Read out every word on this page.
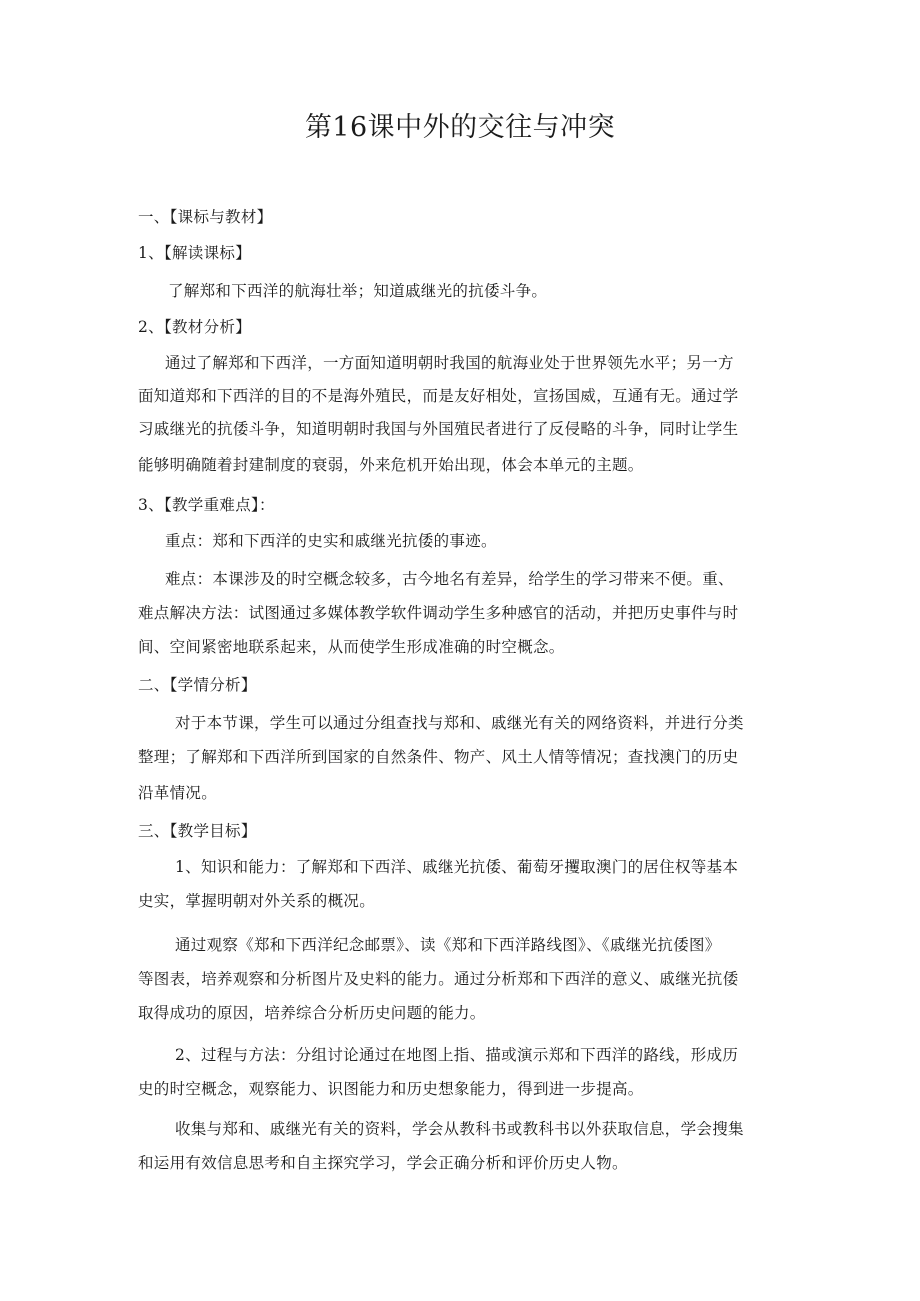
第16课中外的交往与冲突
一、【课标与教材】
1、【解读课标】
了解郑和下西洋的航海壮举；知道戚继光的抗倭斗争。
2、【教材分析】
通过了解郑和下西洋，一方面知道明朝时我国的航海业处于世界领先水平；另一方
面知道郑和下西洋的目的不是海外殖民，而是友好相处，宣扬国威，互通有无。通过学
习戚继光的抗倭斗争，知道明朝时我国与外国殖民者进行了反侵略的斗争，同时让学生
能够明确随着封建制度的衰弱，外来危机开始出现，体会本单元的主题。
3、【教学重难点】：
重点：郑和下西洋的史实和戚继光抗倭的事迹。
难点：本课涉及的时空概念较多，古今地名有差异，给学生的学习带来不便。重、
难点解决方法：试图通过多媒体教学软件调动学生多种感官的活动，并把历史事件与时
间、空间紧密地联系起来，从而使学生形成准确的时空概念。
二、【学情分析】
对于本节课，学生可以通过分组查找与郑和、戚继光有关的网络资料，并进行分类
整理；了解郑和下西洋所到国家的自然条件、物产、风土人情等情况；查找澳门的历史
沿革情况。
三、【教学目标】
1、知识和能力：了解郑和下西洋、戚继光抗倭、葡萄牙攫取澳门的居住权等基本
史实，掌握明朝对外关系的概况。
通过观察《郑和下西洋纪念邮票》、读《郑和下西洋路线图》、《戚继光抗倭图》
等图表，培养观察和分析图片及史料的能力。通过分析郑和下西洋的意义、戚继光抗倭
取得成功的原因，培养综合分析历史问题的能力。
2、过程与方法：分组讨论通过在地图上指、描或演示郑和下西洋的路线，形成历
史的时空概念，观察能力、识图能力和历史想象能力，得到进一步提高。
收集与郑和、戚继光有关的资料，学会从教科书或教科书以外获取信息，学会搜集
和运用有效信息思考和自主探究学习，学会正确分析和评价历史人物。
